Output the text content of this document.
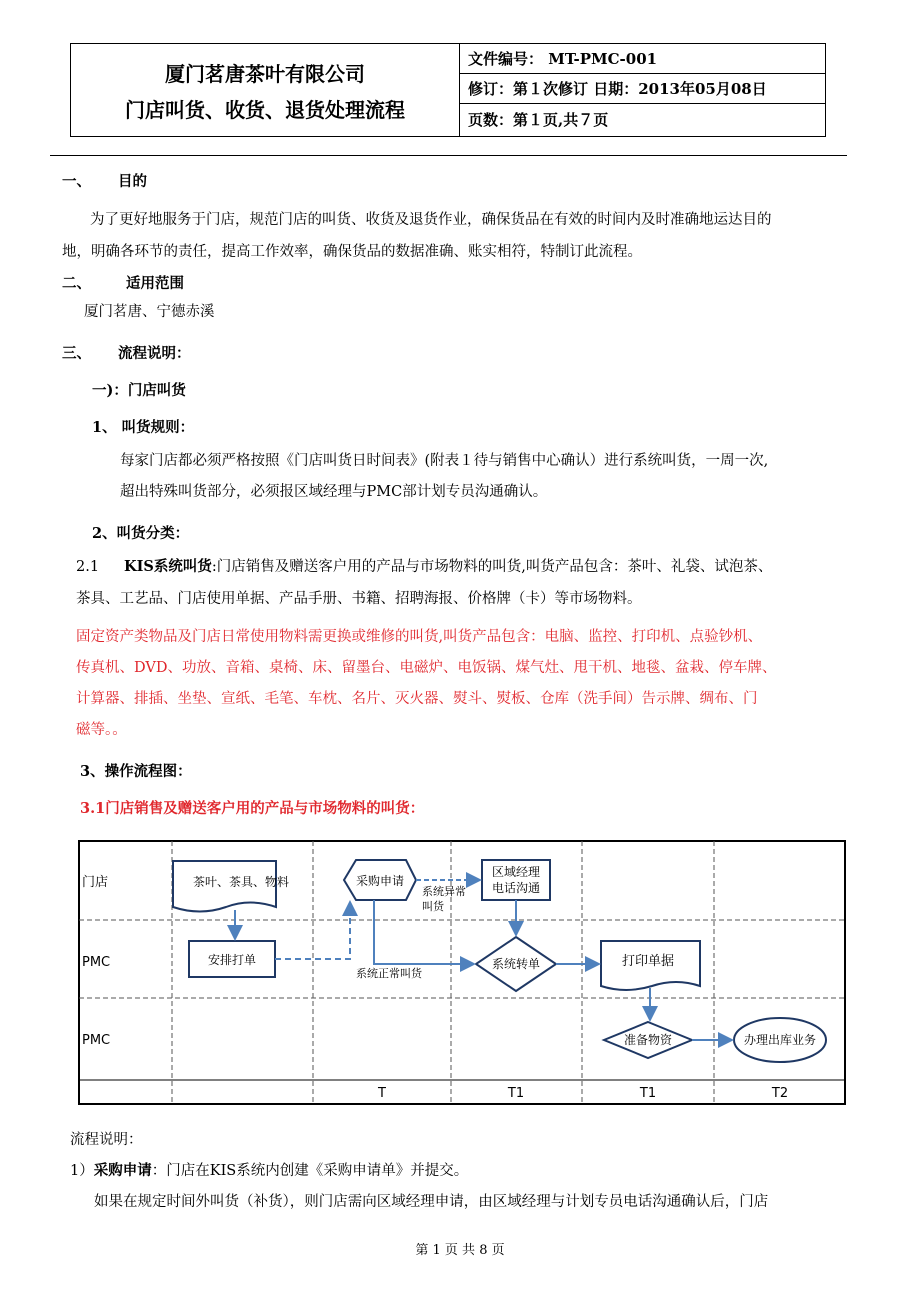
厦门茗唐茶叶有限公司
门店叫货、收货、退货处理流程
文件编号： MT-PMC-001
修订：第１次修订 日期：2013年05月08日
页数：第１页,共７页
一、 目的
为了更好地服务于门店，规范门店的叫货、收货及退货作业，确保货品在有效的时间内及时准确地运达目的
地，明确各环节的责任，提高工作效率，确保货品的数据准确、账实相符，特制订此流程。
二、 适用范围
厦门茗唐、宁德赤溪
三、 流程说明：
一)：门店叫货
1、 叫货规则：
每家门店都必须严格按照《门店叫货日时间表》(附表１待与销售中心确认）进行系统叫货，一周一次,
超出特殊叫货部分，必须报区域经理与PMC部计划专员沟通确认。
2、叫货分类：
2.1 KIS系统叫货:门店销售及赠送客户用的产品与市场物料的叫货,叫货产品包含：茶叶、礼袋、试泡茶、
茶具、工艺品、门店使用单据、产品手册、书籍、招聘海报、价格牌（卡）等市场物料。
固定资产类物品及门店日常使用物料需更换或维修的叫货,叫货产品包含：电脑、监控、打印机、点验钞机、
传真机、DVD、功放、音箱、桌椅、床、留墨台、电磁炉、电饭锅、煤气灶、甩干机、地毯、盆栽、停车牌、
计算器、排插、坐垫、宣纸、毛笔、车枕、名片、灭火器、熨斗、熨板、仓库（洗手间）告示牌、绸布、门
磁等。。
3、操作流程图：
3.1门店销售及赠送客户用的产品与市场物料的叫货：
门店
PMC
PMC
T	T1	T1	T2
茶叶、茶具、物料	采购申请
区域经理
电话沟通
安排打单	系统转单	打印单据
准备物资	办理出库业务
系统异常
叫货
系统正常叫货
流程说明：
1）采购申请：门店在KIS系统内创建《采购申请单》并提交。
如果在规定时间外叫货（补货），则门店需向区域经理申请，由区域经理与计划专员电话沟通确认后，门店
第 1 页 共 8 页
